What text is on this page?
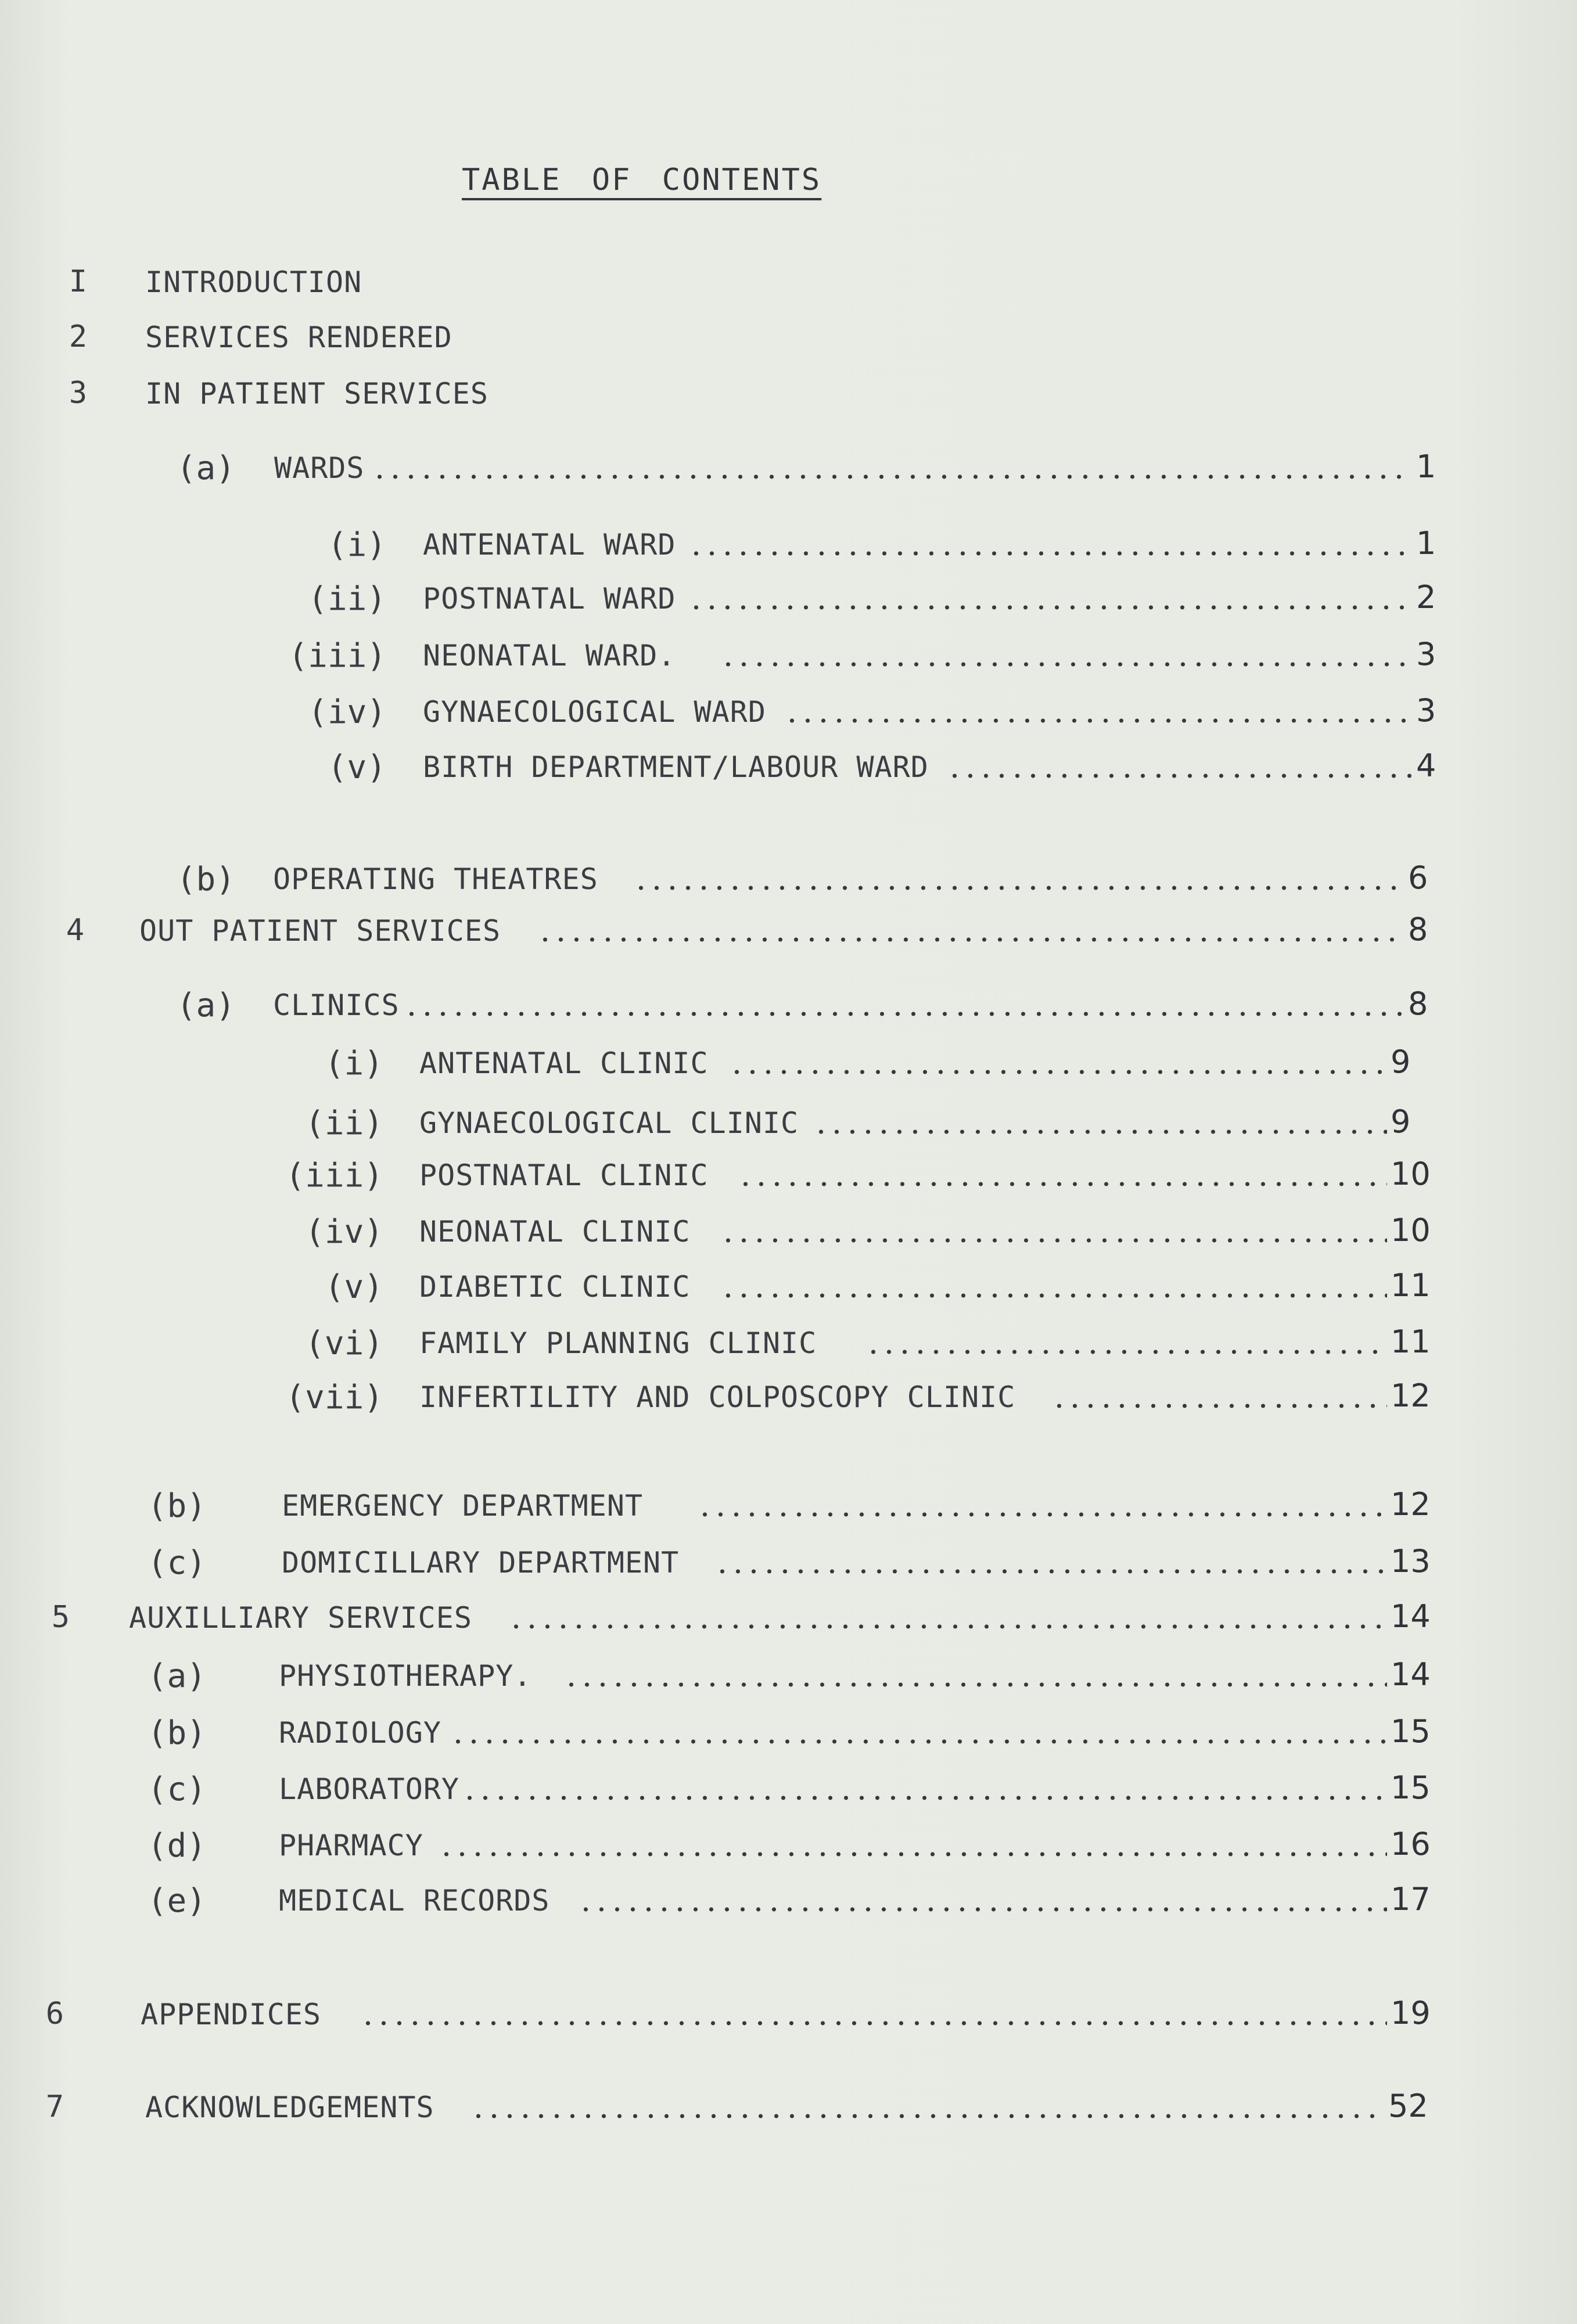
TABLE OF CONTENTS
I INTRODUCTION
2 SERVICES RENDERED
3 IN PATIENT SERVICES
(a) WARDS	1
(i) ANTENATAL WARD	1
(ii) POSTNATAL WARD	2
(iii) NEONATAL WARD.	3
(iv) GYNAECOLOGICAL WARD	3
(v) BIRTH DEPARTMENT/LABOUR WARD	4
(b) OPERATING THEATRES	6
4 OUT PATIENT SERVICES	8
(a) CLINICS	8
(i) ANTENATAL CLINIC	9
(ii) GYNAECOLOGICAL CLINIC	9
(iii) POSTNATAL CLINIC	10
(iv) NEONATAL CLINIC	10
(v) DIABETIC CLINIC	11
(vi) FAMILY PLANNING CLINIC	11
(vii) INFERTILITY AND COLPOSCOPY CLINIC	12
(b)	EMERGENCY DEPARTMENT	12
(c)	DOMICILLARY DEPARTMENT	13
5 AUXILLIARY SERVICES	14
(a)	PHYSIOTHERAPY.	14
(b)	RADIOLOGY	15
(c)	LABORATORY	15
(d)	PHARMACY	16
(e)	MEDICAL RECORDS	17
6	APPENDICES	19
7	ACKNOWLEDGEMENTS	52
